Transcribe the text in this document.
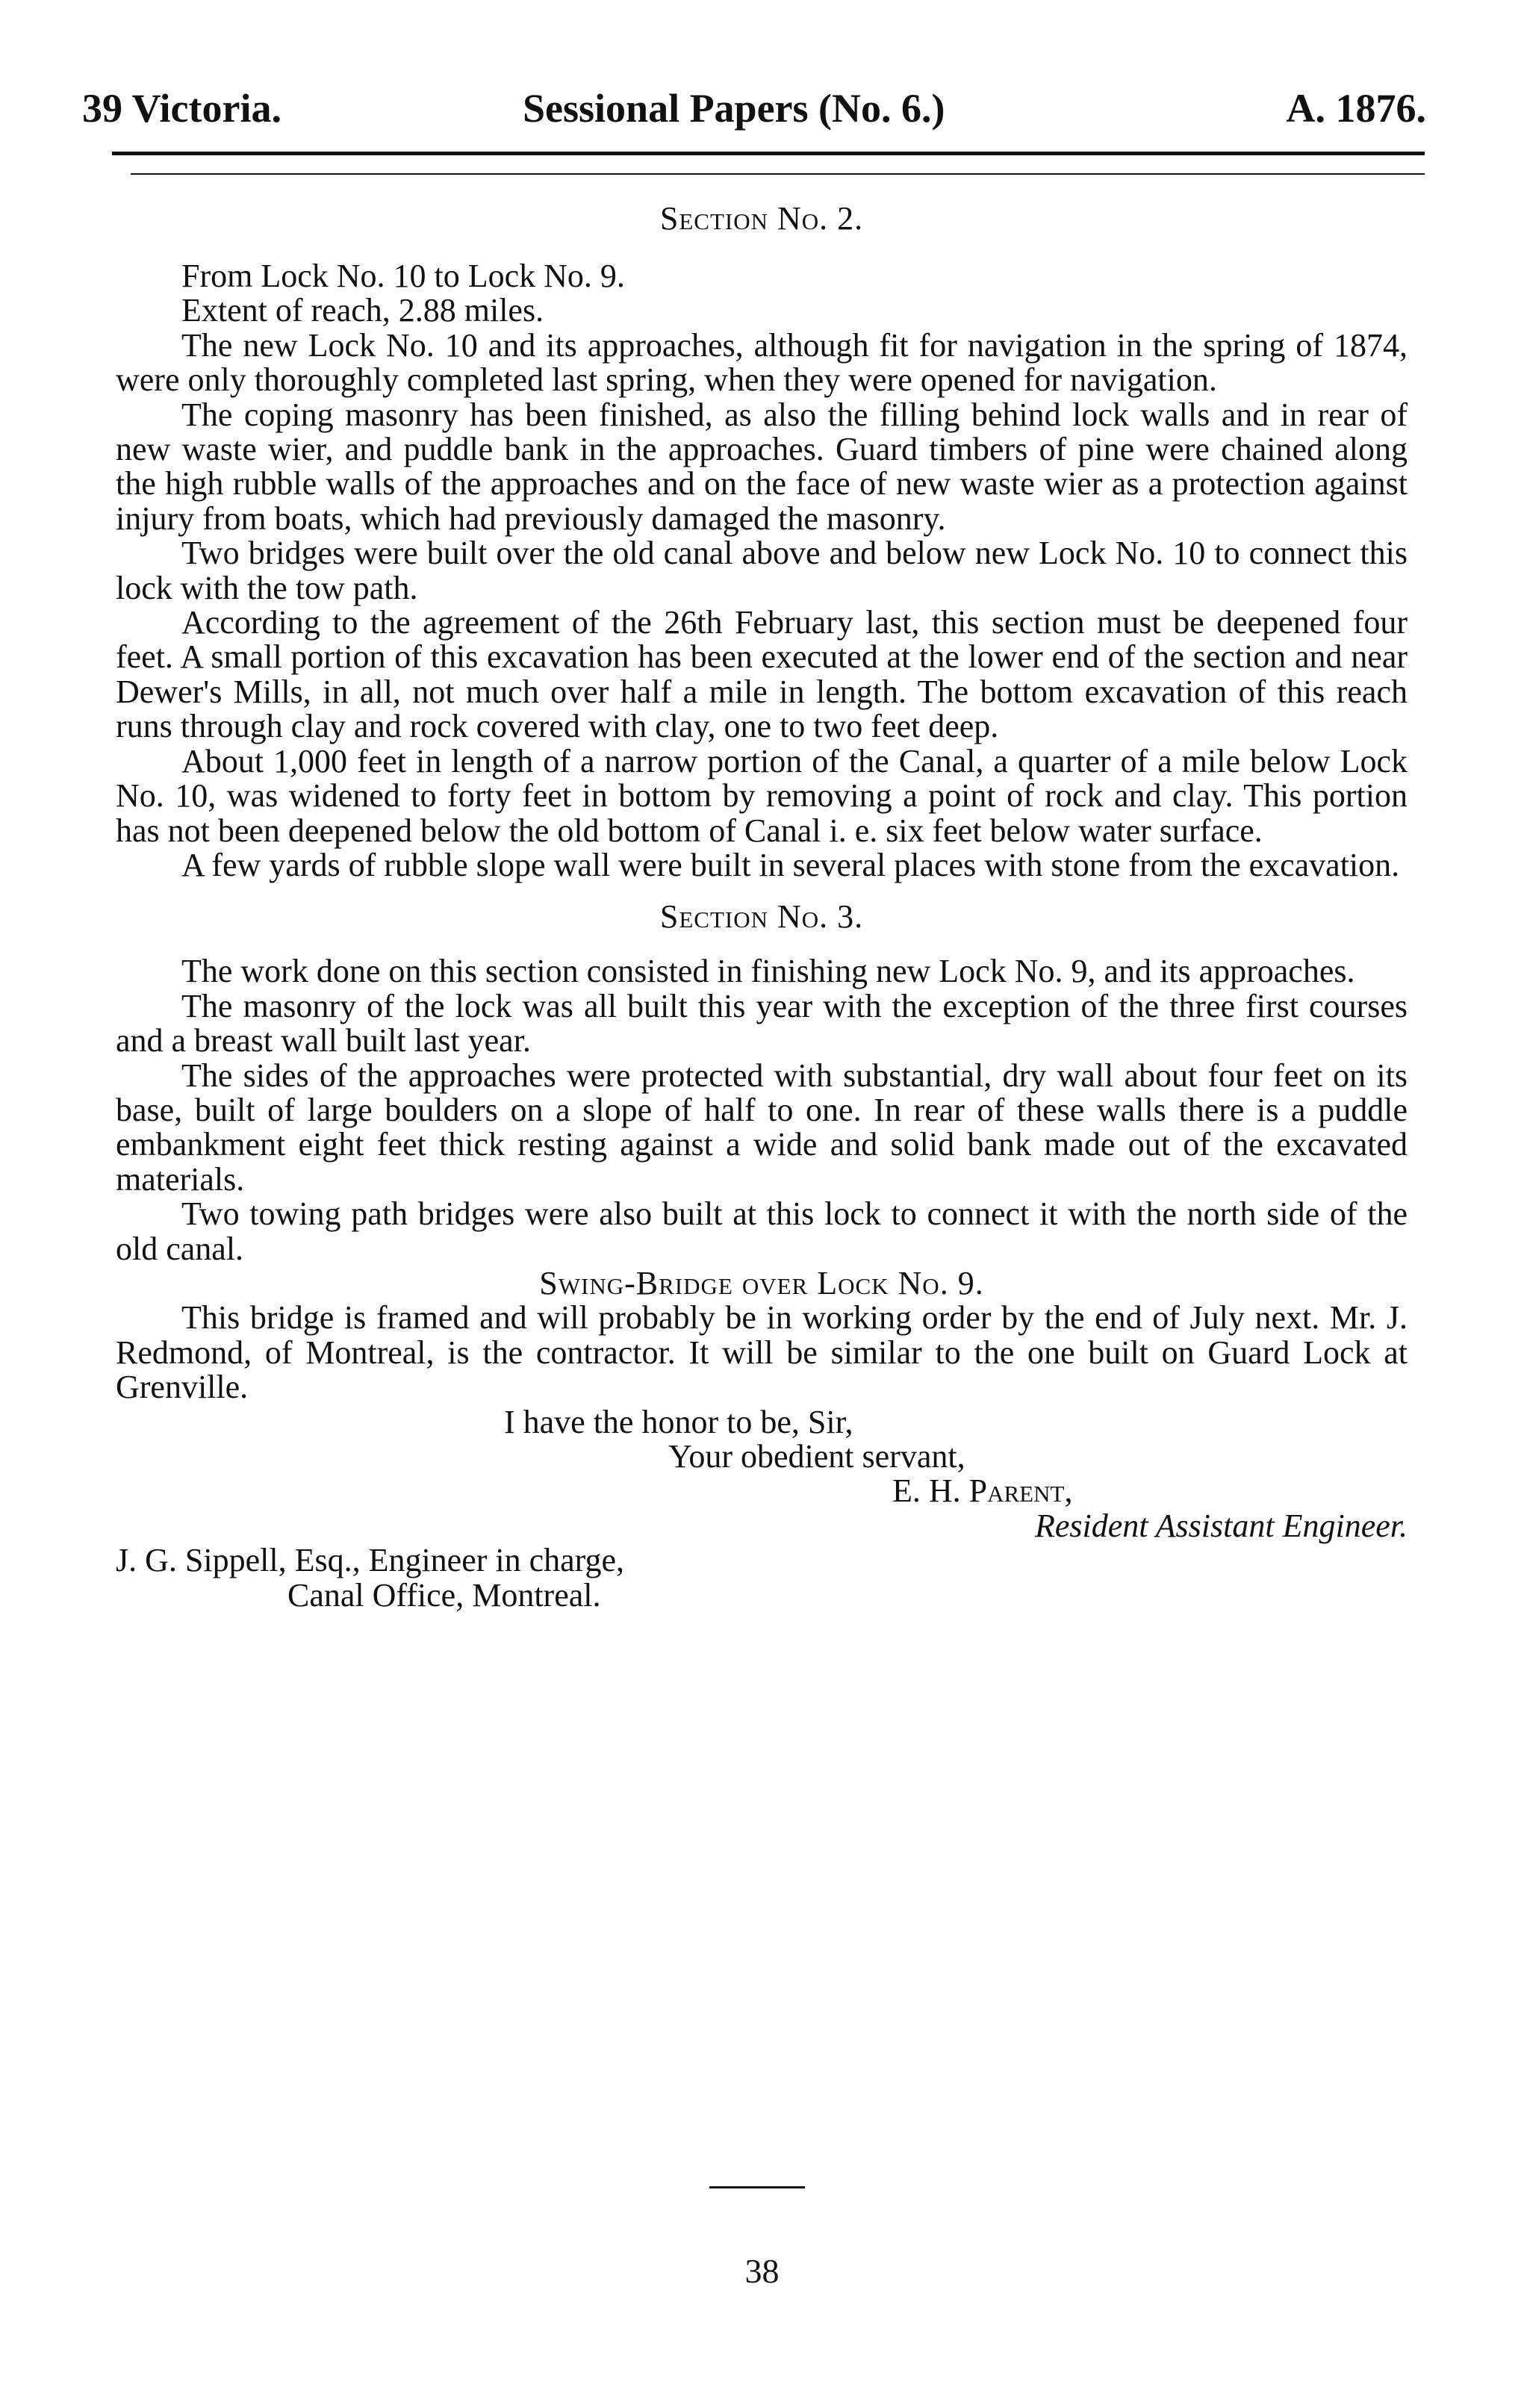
39 Victoria.	Sessional Papers (No. 6.)	A. 1876.
Section No. 2.

From Lock No. 10 to Lock No. 9.

Extent of reach, 2.88 miles.

The new Lock No. 10 and its approaches, although fit for navigation in the spring of 1874, were only thoroughly completed last spring, when they were opened for navigation.

The coping masonry has been finished, as also the filling behind lock walls and in rear of new waste wier, and puddle bank in the approaches. Guard timbers of pine were chained along the high rubble walls of the approaches and on the face of new waste wier as a protection against injury from boats, which had previously damaged the masonry.

Two bridges were built over the old canal above and below new Lock No. 10 to connect this lock with the tow path.

According to the agreement of the 26th February last, this section must be deepened four feet. A small portion of this excavation has been executed at the lower end of the section and near Dewer's Mills, in all, not much over half a mile in length. The bottom excavation of this reach runs through clay and rock covered with clay, one to two feet deep.

About 1,000 feet in length of a narrow portion of the Canal, a quarter of a mile below Lock No. 10, was widened to forty feet in bottom by removing a point of rock and clay. This portion has not been deepened below the old bottom of Canal i. e. six feet below water surface.

A few yards of rubble slope wall were built in several places with stone from the excavation.

Section No. 3.

The work done on this section consisted in finishing new Lock No. 9, and its approaches.

The masonry of the lock was all built this year with the exception of the three first courses and a breast wall built last year.

The sides of the approaches were protected with substantial, dry wall about four feet on its base, built of large boulders on a slope of half to one. In rear of these walls there is a puddle embankment eight feet thick resting against a wide and solid bank made out of the excavated materials.

Two towing path bridges were also built at this lock to connect it with the north side of the old canal.

Swing-Bridge over Lock No. 9.

This bridge is framed and will probably be in working order by the end of July next. Mr. J. Redmond, of Montreal, is the contractor. It will be similar to the one built on Guard Lock at Grenville.

I have the honor to be, Sir,
Your obedient servant,
E. H. Parent,
Resident Assistant Engineer.
J. G. Sippell, Esq., Engineer in charge,
Canal Office, Montreal.
38
